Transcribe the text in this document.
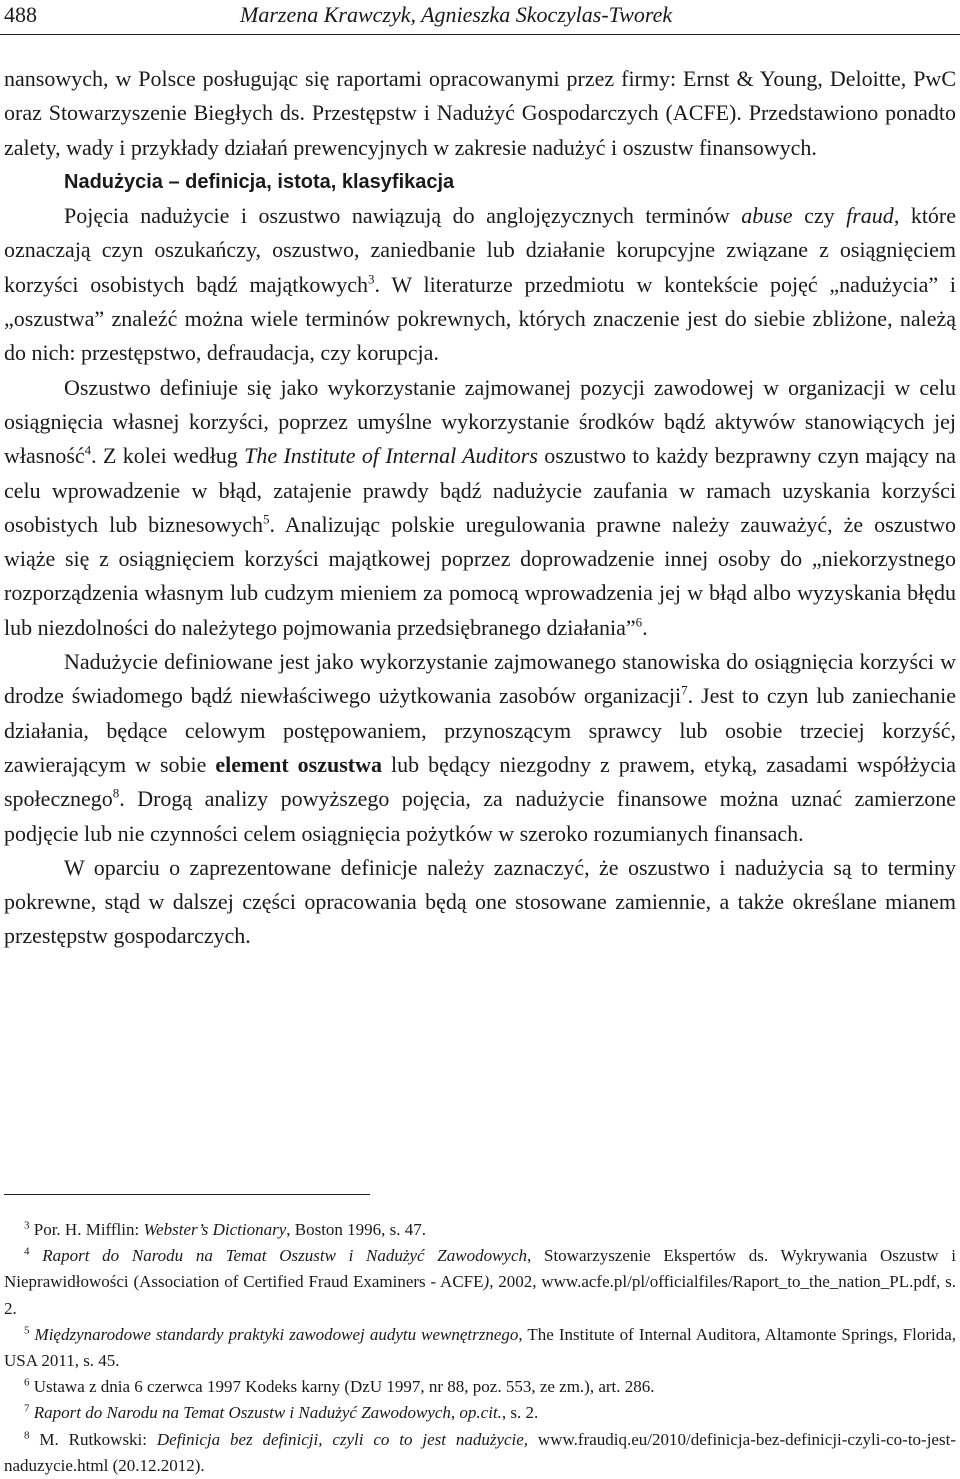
488	Marzena Krawczyk, Agnieszka Skoczylas-Tworek

nansowych, w Polsce posługując się raportami opracowanymi przez firmy: Ernst & Young, Deloitte, PwC oraz Stowarzyszenie Biegłych ds. Przestępstw i Nadużyć Gospodarczych (ACFE). Przedstawiono ponadto zalety, wady i przykłady działań prewencyjnych w zakresie nadużyć i oszustw finansowych.

Nadużycia – definicja, istota, klasyfikacja

Pojęcia nadużycie i oszustwo nawiązują do anglojęzycznych terminów abuse czy fraud, które oznaczają czyn oszukańczy, oszustwo, zaniedbanie lub działanie korupcyjne związane z osiągnięciem korzyści osobistych bądź majątkowych$^3$. W literaturze przedmiotu w kontekście pojęć „nadużycia” i „oszustwa” znaleźć można wiele terminów pokrewnych, których znaczenie jest do siebie zbliżone, należą do nich: przestępstwo, defraudacja, czy korupcja.

Oszustwo definiuje się jako wykorzystanie zajmowanej pozycji zawodowej w organizacji w celu osiągnięcia własnej korzyści, poprzez umyślne wykorzystanie środków bądź aktywów stanowiących jej własność$^4$. Z kolei według The Institute of Internal Auditors oszustwo to każdy bezprawny czyn mający na celu wprowadzenie w błąd, zatajenie prawdy bądź nadużycie zaufania w ramach uzyskania korzyści osobistych lub biznesowych$^5$. Analizując polskie uregulowania prawne należy zauważyć, że oszustwo wiąże się z osiągnięciem korzyści majątkowej poprzez doprowadzenie innej osoby do „niekorzystnego rozporządzenia własnym lub cudzym mieniem za pomocą wprowadzenia jej w błąd albo wyzyskania błędu lub niezdolności do należytego pojmowania przedsiębranego działania”$^6$.

Nadużycie definiowane jest jako wykorzystanie zajmowanego stanowiska do osiągnięcia korzyści w drodze świadomego bądź niewłaściwego użytkowania zasobów organizacji$^7$. Jest to czyn lub zaniechanie działania, będące celowym postępowaniem, przynoszącym sprawcy lub osobie trzeciej korzyść, zawierającym w sobie element oszustwa lub będący niezgodny z prawem, etyką, zasadami współżycia społecznego$^8$. Drogą analizy powyższego pojęcia, za nadużycie finansowe można uznać zamierzone podjęcie lub nie czynności celem osiągnięcia pożytków w szeroko rozumianych finansach.

W oparciu o zaprezentowane definicje należy zaznaczyć, że oszustwo i nadużycia są to terminy pokrewne, stąd w dalszej części opracowania będą one stosowane zamiennie, a także określane mianem przestępstw gospodarczych.

$^3$ Por. H. Mifflin: Webster’s Dictionary, Boston 1996, s. 47.

$^4$ Raport do Narodu na Temat Oszustw i Nadużyć Zawodowych, Stowarzyszenie Ekspertów ds. Wykrywania Oszustw i Nieprawidłowości (Association of Certified Fraud Examiners - ACFE), 2002, www.acfe.pl/pl/officialfiles/Raport_to_the_nation_PL.pdf, s. 2.

$^5$ Międzynarodowe standardy praktyki zawodowej audytu wewnętrznego, The Institute of Internal Auditora, Altamonte Springs, Florida, USA 2011, s. 45.

$^6$ Ustawa z dnia 6 czerwca 1997 Kodeks karny (DzU 1997, nr 88, poz. 553, ze zm.), art. 286.

$^7$ Raport do Narodu na Temat Oszustw i Nadużyć Zawodowych, op.cit., s. 2.

$^8$ M. Rutkowski: Definicja bez definicji, czyli co to jest nadużycie, www.fraudiq.eu/2010/definicja-bez-definicji-czyli-co-to-jest-naduzycie.html (20.12.2012).
